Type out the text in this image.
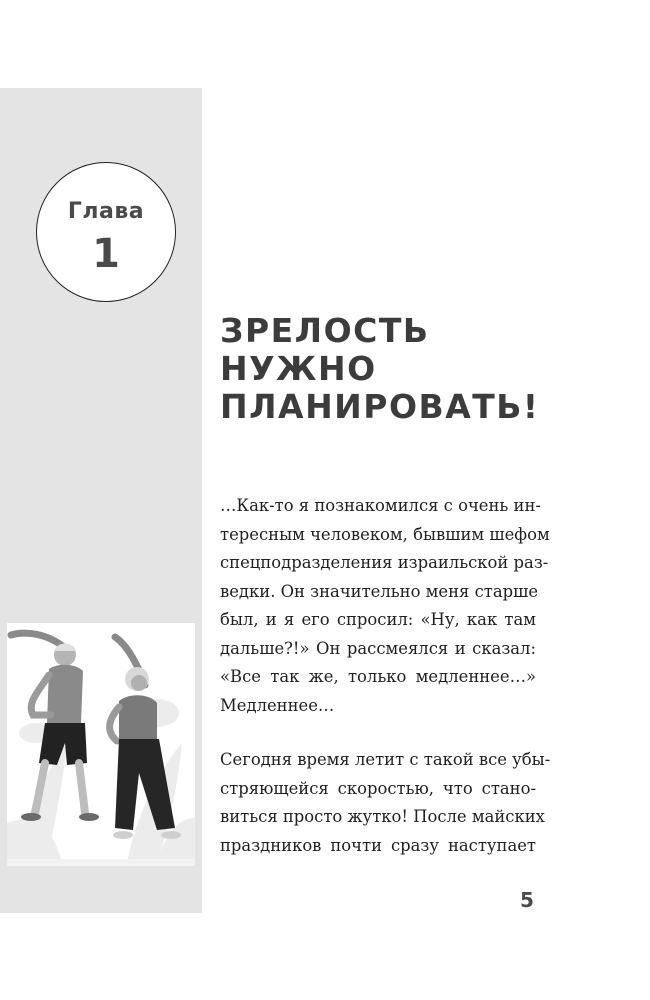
Глава
1
ЗРЕЛОСТЬ
НУЖНО
ПЛАНИРОВАТЬ!

…Как-то я познакомился с очень ин-
тересным человеком, бывшим шефом
спецподразделения израильской раз-
ведки. Он значительно меня старше
был, и я его спросил: «Ну, как там
дальше?!» Он рассмеялся и сказал:
«Все так же, только медленнее…»
Медленнее…

Сегодня время летит с такой все убы-
стряющейся скоростью, что стано-
виться просто жутко! После майских
праздников почти сразу наступает

5
